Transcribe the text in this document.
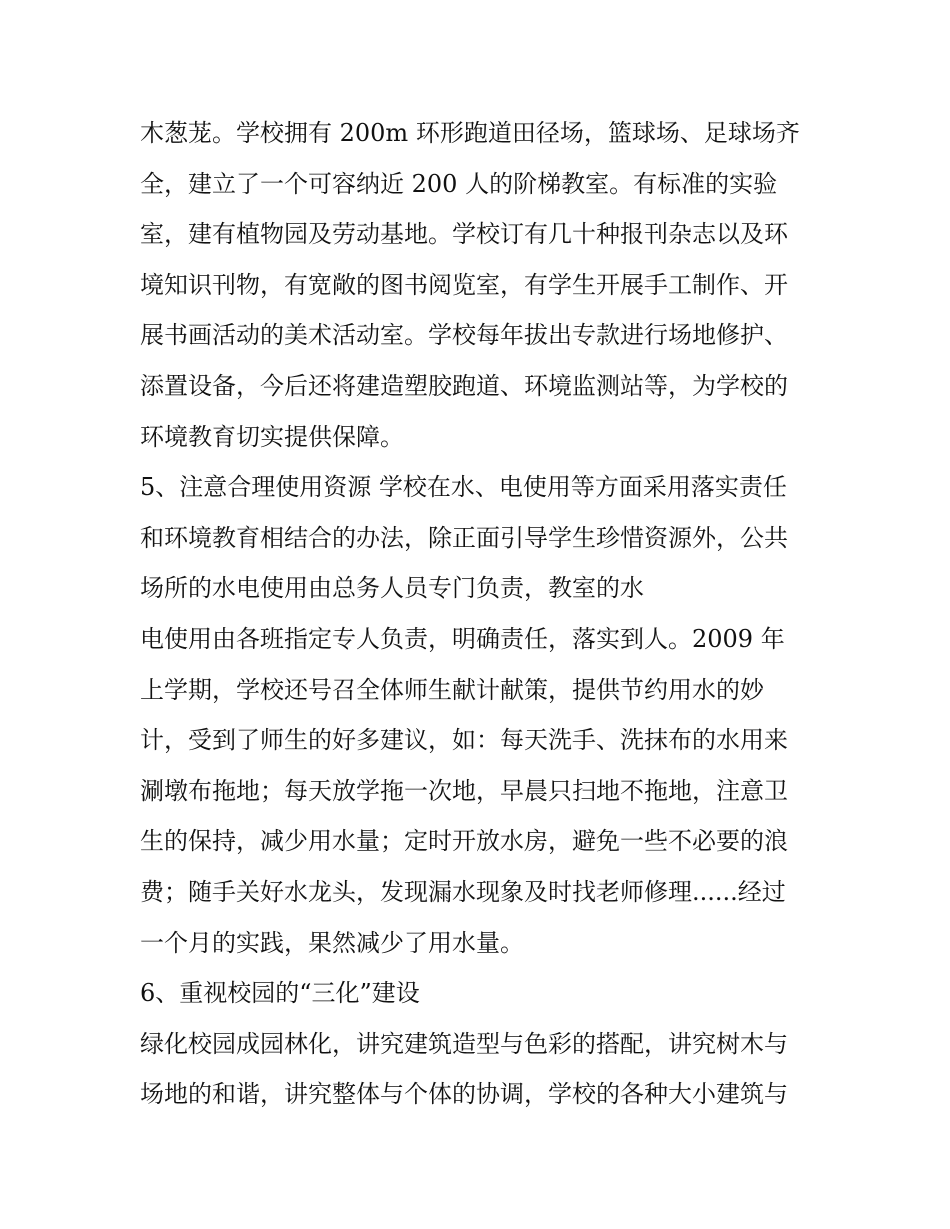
木葱茏。学校拥有 200m 环形跑道田径场，篮球场、足球场齐
全，建立了一个可容纳近 200 人的阶梯教室。有标准的实验
室，建有植物园及劳动基地。学校订有几十种报刊杂志以及环
境知识刊物，有宽敞的图书阅览室，有学生开展手工制作、开
展书画活动的美术活动室。学校每年拔出专款进行场地修护、
添置设备，今后还将建造塑胶跑道、环境监测站等，为学校的
环境教育切实提供保障。
5、注意合理使用资源 学校在水、电使用等方面采用落实责任
和环境教育相结合的办法，除正面引导学生珍惜资源外，公共
场所的水电使用由总务人员专门负责，教室的水
电使用由各班指定专人负责，明确责任，落实到人。2009 年
上学期，学校还号召全体师生献计献策，提供节约用水的妙
计，受到了师生的好多建议，如：每天洗手、洗抹布的水用来
涮墩布拖地；每天放学拖一次地，早晨只扫地不拖地，注意卫
生的保持，减少用水量；定时开放水房，避免一些不必要的浪
费；随手关好水龙头，发现漏水现象及时找老师修理......经过
一个月的实践，果然减少了用水量。
6、重视校园的“三化”建设
绿化校园成园林化，讲究建筑造型与色彩的搭配，讲究树木与
场地的和谐，讲究整体与个体的协调，学校的各种大小建筑与
